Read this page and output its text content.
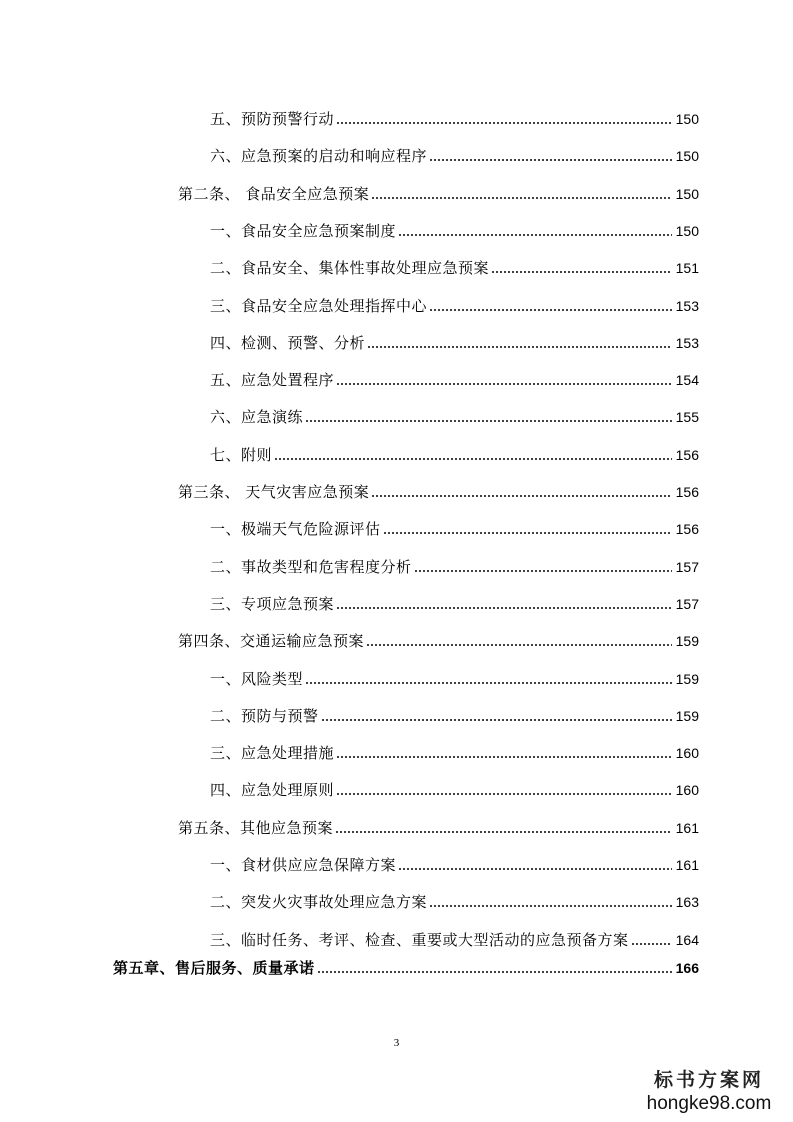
五、预防预警行动	150
六、应急预案的启动和响应程序	150
第二条、 食品安全应急预案	150
一、食品安全应急预案制度	150
二、食品安全、集体性事故处理应急预案	151
三、食品安全应急处理指挥中心	153
四、检测、预警、分析	153
五、应急处置程序	154
六、应急演练	155
七、附则	156
第三条、 天气灾害应急预案	156
一、极端天气危险源评估	156
二、事故类型和危害程度分析	157
三、专项应急预案	157
第四条、交通运输应急预案	159
一、风险类型	159
二、预防与预警	159
三、应急处理措施	160
四、应急处理原则	160
第五条、其他应急预案	161
一、食材供应应急保障方案	161
二、突发火灾事故处理应急方案	163
三、临时任务、考评、检查、重要或大型活动的应急预备方案	164
第五章、售后服务、质量承诺	166
3
标书方案网
hongke98.com
